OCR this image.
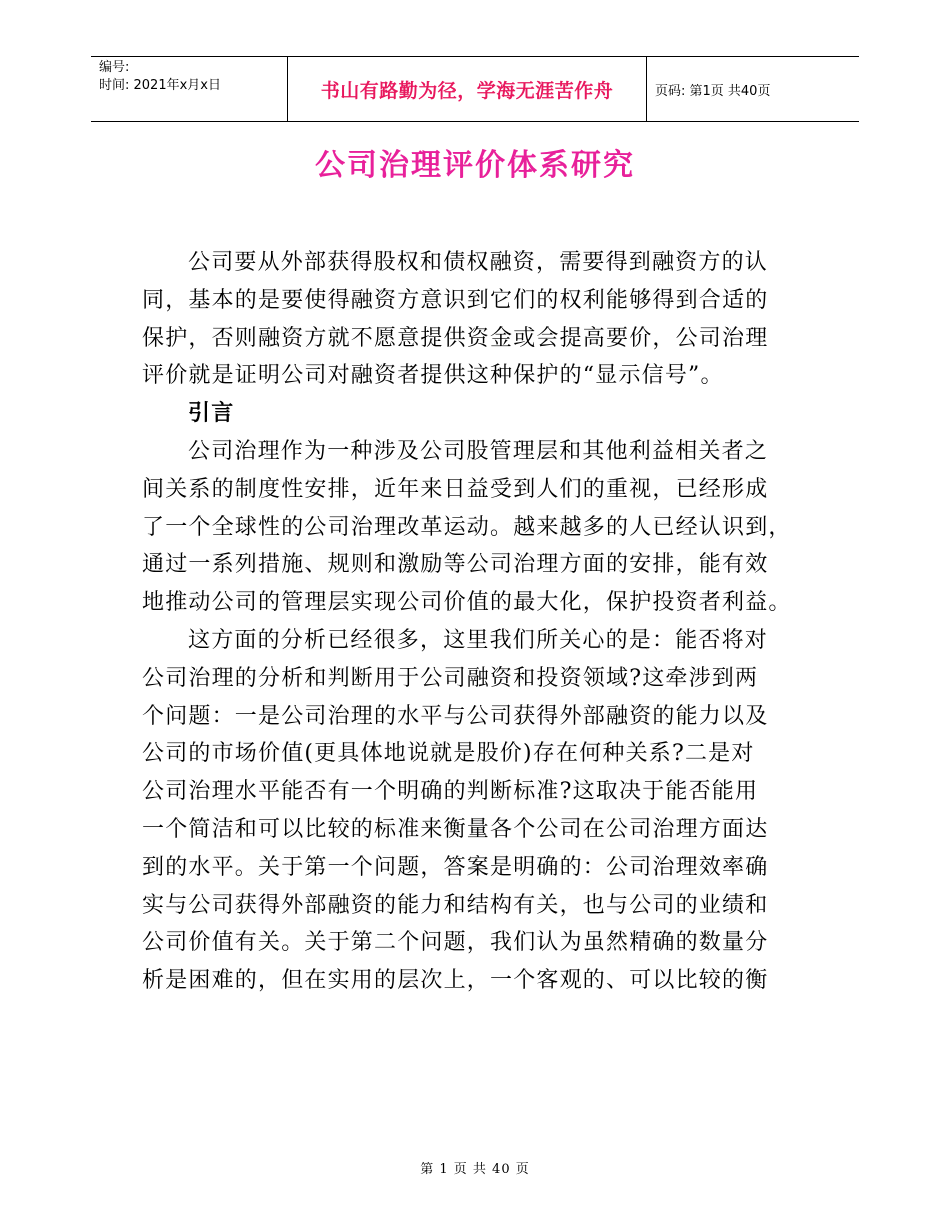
编号:
时间: 2021年x月x日	书山有路勤为径，学海无涯苦作舟	页码: 第1页 共40页
公司治理评价体系研究
公司要从外部获得股权和债权融资，需要得到融资方的认
同，基本的是要使得融资方意识到它们的权利能够得到合适的
保护，否则融资方就不愿意提供资金或会提高要价，公司治理
评价就是证明公司对融资者提供这种保护的“显示信号”。
引言
公司治理作为一种涉及公司股管理层和其他利益相关者之
间关系的制度性安排，近年来日益受到人们的重视，已经形成
了一个全球性的公司治理改革运动。越来越多的人已经认识到，
通过一系列措施、规则和激励等公司治理方面的安排，能有效
地推动公司的管理层实现公司价值的最大化，保护投资者利益。
这方面的分析已经很多，这里我们所关心的是：能否将对
公司治理的分析和判断用于公司融资和投资领域?这牵涉到两
个问题：一是公司治理的水平与公司获得外部融资的能力以及
公司的市场价值(更具体地说就是股价)存在何种关系?二是对
公司治理水平能否有一个明确的判断标准?这取决于能否能用
一个简洁和可以比较的标准来衡量各个公司在公司治理方面达
到的水平。关于第一个问题，答案是明确的：公司治理效率确
实与公司获得外部融资的能力和结构有关，也与公司的业绩和
公司价值有关。关于第二个问题，我们认为虽然精确的数量分
析是困难的，但在实用的层次上，一个客观的、可以比较的衡
第 1 页 共 40 页
